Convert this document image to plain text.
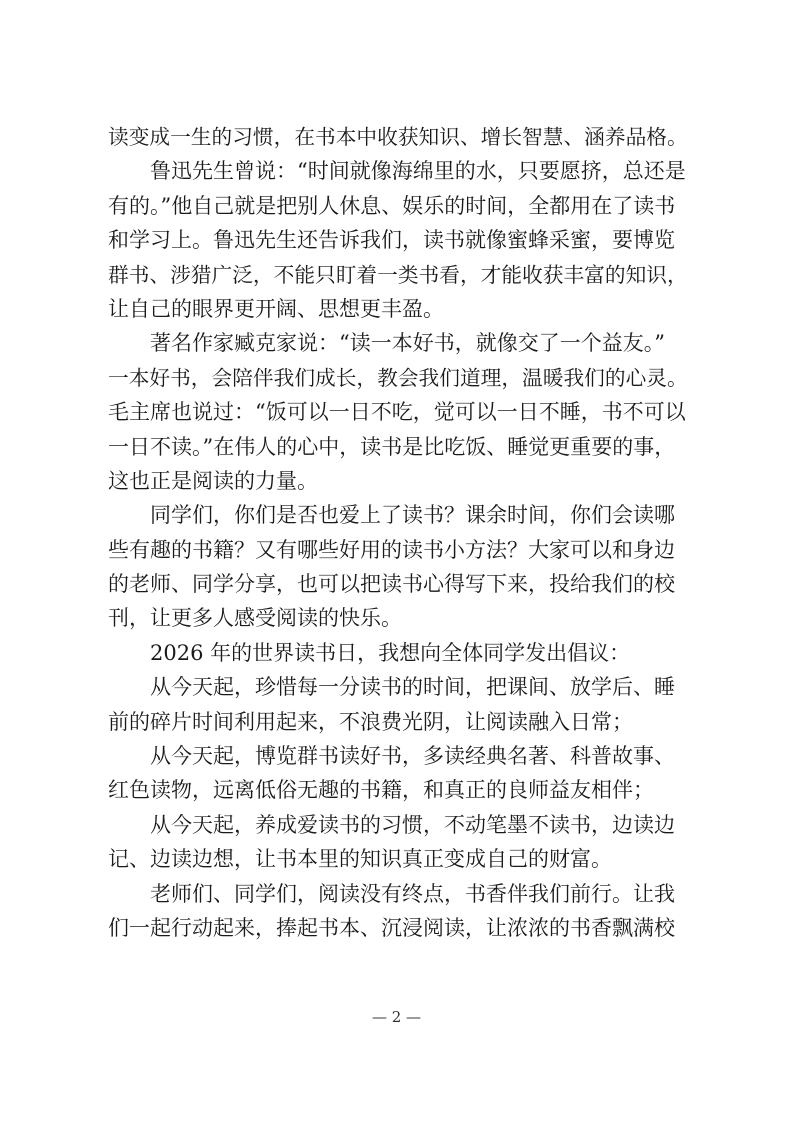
读变成一生的习惯，在书本中收获知识、增长智慧、涵养品格。
鲁迅先生曾说：“时间就像海绵里的水，只要愿挤，总还是
有的。”他自己就是把别人休息、娱乐的时间，全都用在了读书
和学习上。鲁迅先生还告诉我们，读书就像蜜蜂采蜜，要博览
群书、涉猎广泛，不能只盯着一类书看，才能收获丰富的知识，
让自己的眼界更开阔、思想更丰盈。
著名作家臧克家说：“读一本好书，就像交了一个益友。”
一本好书，会陪伴我们成长，教会我们道理，温暖我们的心灵。
毛主席也说过：“饭可以一日不吃，觉可以一日不睡，书不可以
一日不读。”在伟人的心中，读书是比吃饭、睡觉更重要的事，
这也正是阅读的力量。
同学们，你们是否也爱上了读书？课余时间，你们会读哪
些有趣的书籍？又有哪些好用的读书小方法？大家可以和身边
的老师、同学分享，也可以把读书心得写下来，投给我们的校
刊，让更多人感受阅读的快乐。
2026 年的世界读书日，我想向全体同学发出倡议：
从今天起，珍惜每一分读书的时间，把课间、放学后、睡
前的碎片时间利用起来，不浪费光阴，让阅读融入日常；
从今天起，博览群书读好书，多读经典名著、科普故事、
红色读物，远离低俗无趣的书籍，和真正的良师益友相伴；
从今天起，养成爱读书的习惯，不动笔墨不读书，边读边
记、边读边想，让书本里的知识真正变成自己的财富。
老师们、同学们，阅读没有终点，书香伴我们前行。让我
们一起行动起来，捧起书本、沉浸阅读，让浓浓的书香飘满校
— 2 —
